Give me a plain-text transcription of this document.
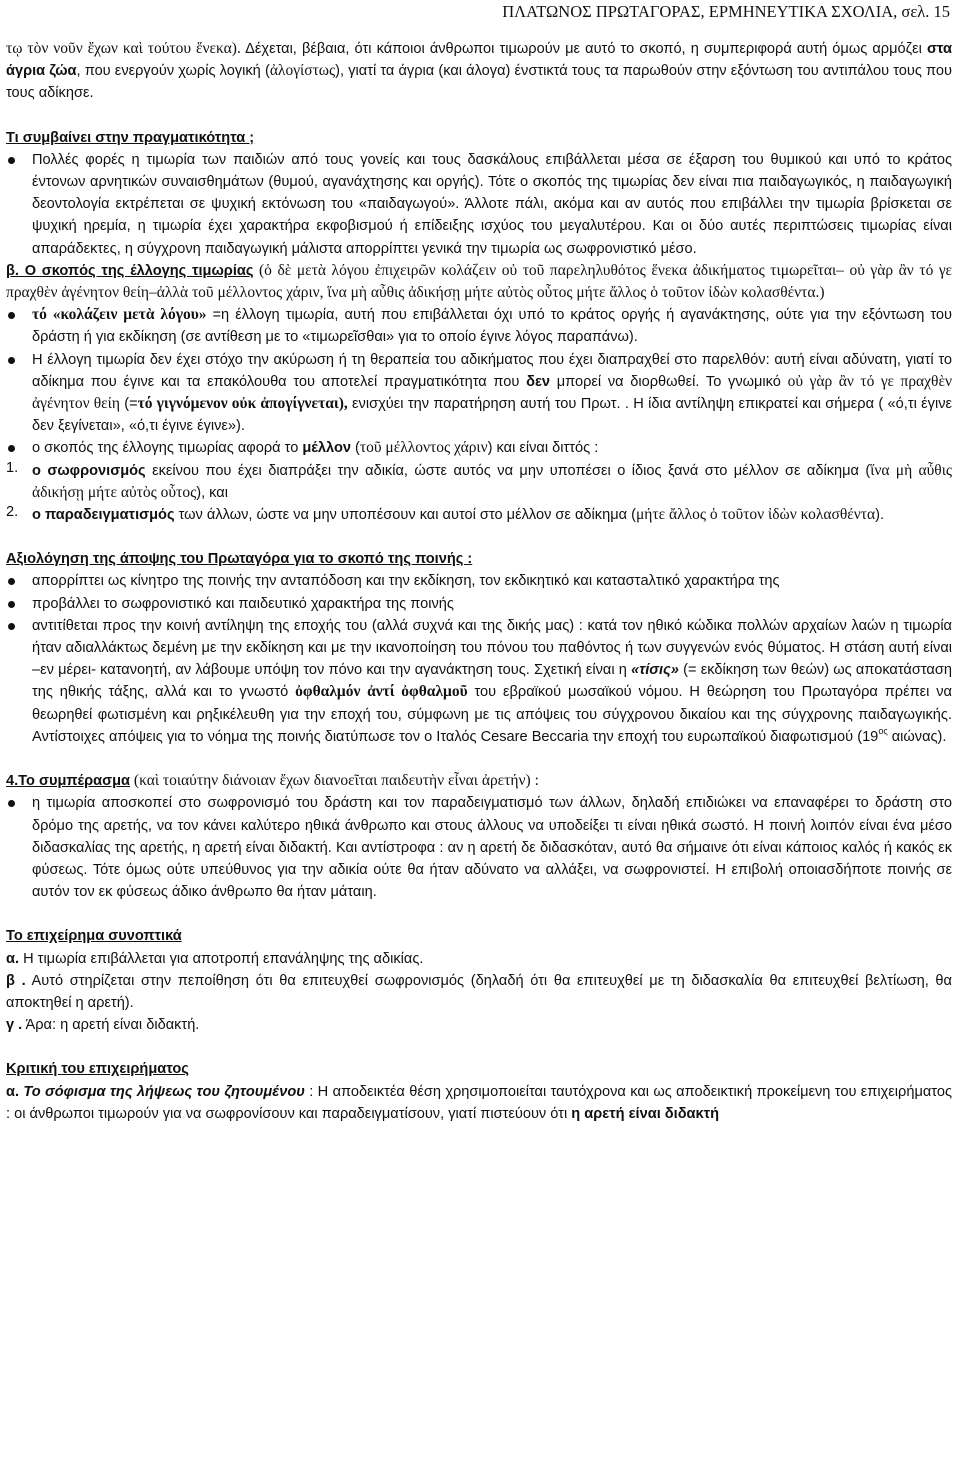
ΠΛΑΤΩΝΟΣ ΠΡΩΤΑΓΟΡΑΣ, ΕΡΜΗΝΕΥΤΙΚΑ ΣΧΟΛΙΑ, σελ. 15

τῳ τὸν νοῦν ἔχων καὶ τούτου ἕνεκα). Δέχεται, βέβαια, ότι κάποιοι άνθρωποι τιμωρούν με αυτό το σκοπό, η συμπεριφορά αυτή όμως αρμόζει στα άγρια ζώα, που ενεργούν χωρίς λογική (ἀλογίστως), γιατί τα άγρια (και άλογα) ένστικτά τους τα παρωθούν στην εξόντωση του αντιπάλου τους που τους αδίκησε.

Τι συμβαίνει στην πραγματικότητα ;

Πολλές φορές η τιμωρία των παιδιών από τους γονείς και τους δασκάλους επιβάλλεται μέσα σε έξαρση του θυμικού και υπό το κράτος έντονων αρνητικών συναισθημάτων (θυμού, αγανάχτησης και οργής). Τότε ο σκοπός της τιμωρίας δεν είναι πια παιδαγωγικός, η παιδαγωγική δεοντολογία εκτρέπεται σε ψυχική εκτόνωση του «παιδαγωγού». Άλλοτε πάλι, ακόμα και αν αυτός που επιβάλλει την τιμωρία βρίσκεται σε ψυχική ηρεμία, η τιμωρία έχει χαρακτήρα εκφοβισμού ή επίδειξης ισχύος του μεγαλυτέρου. Και οι δύο αυτές περιπτώσεις τιμωρίας είναι απαράδεκτες, η σύγχρονη παιδαγωγική μάλιστα απορρίπτει γενικά την τιμωρία ως σωφρονιστικό μέσο.

β. Ο σκοπός της έλλογης τιμωρίας (ὁ δὲ μετὰ λόγου ἐπιχειρῶν κολάζειν οὐ τοῦ παρεληλυθότος ἕνεκα ἀδικήματος τιμωρεῖται– οὐ γὰρ ἂν τό γε πραχθὲν ἀγένητον θείη–ἀλλὰ τοῦ μέλλοντος χάριν, ἵνα μὴ αὖθις ἀδικήσῃ μήτε αὐτὸς οὗτος μήτε ἄλλος ὁ τοῦτον ἰδὼν κολασθέντα.)

τό «κολάζειν μετὰ λόγου» =η έλλογη τιμωρία, αυτή που επιβάλλεται όχι υπό το κράτος οργής ή αγανάκτησης, ούτε για την εξόντωση του δράστη ή για εκδίκηση (σε αντίθεση με το «τιμωρεῖσθαι» για το οποίο έγινε λόγος παραπάνω).

Η έλλογη τιμωρία δεν έχει στόχο την ακύρωση ή τη θεραπεία του αδικήματος που έχει διαπραχθεί στο παρελθόν: αυτή είναι αδύνατη, γιατί το αδίκημα που έγινε και τα επακόλουθα του αποτελεί πραγματικότητα που δεν μπορεί να διορθωθεί. Το γνωμικό οὐ γὰρ ἂν τό γε πραχθὲν ἀγένητον θείη (=τό γιγνόμενον οὐκ ἀπογίγνεται), ενισχύει την παρατήρηση αυτή του Πρωτ. . Η ίδια αντίληψη επικρατεί και σήμερα ( «ό,τι έγινε δεν ξεγίνεται», «ό,τι έγινε έγινε»).

ο σκοπός της έλλογης τιμωρίας αφορά το μέλλον (τοῦ μέλλοντος χάριν) και είναι διττός :

1. ο σωφρονισμός εκείνου που έχει διαπράξει την αδικία, ώστε αυτός να μην υποπέσει ο ίδιος ξανά στο μέλλον σε αδίκημα (ἵνα μὴ αὖθις ἀδικήσῃ μήτε αὐτὸς οὗτος), και

2. ο παραδειγματισμός των άλλων, ώστε να μην υποπέσουν και αυτοί στο μέλλον σε αδίκημα (μήτε ἄλλος ὁ τοῦτον ἰδὼν κολασθέντα).

Αξιολόγηση της άποψης του Πρωταγόρα για το σκοπό της ποινής :

απορρίπτει ως κίνητρο της ποινής την ανταπόδοση και την εκδίκηση, τον εκδικητικό και καταστaλτικό χαρακτήρα της

προβάλλει το σωφρονιστικό και παιδευτικό χαρακτήρα της ποινής

αντιτίθεται προς την κοινή αντίληψη της εποχής του (αλλά συχνά και της δικής μας) : κατά τον ηθικό κώδικα πολλών αρχαίων λαών η τιμωρία ήταν αδιαλλάκτως δεμένη με την εκδίκηση και με την ικανοποίηση του πόνου του παθόντος ή των συγγενών ενός θύματος. Η στάση αυτή είναι –εν μέρει- κατανοητή, αν λάβουμε υπόψη τον πόνο και την αγανάκτηση τους. Σχετική είναι η «τίσις» (= εκδίκηση των θεών) ως αποκατάσταση της ηθικής τάξης, αλλά και το γνωστό ὀφθαλμόν ἀντί ὀφθαλμοῦ του εβραϊκού μωσαϊκού νόμου. Η θεώρηση του Πρωταγόρα πρέπει να θεωρηθεί φωτισμένη και ρηξικέλευθη για την εποχή του, σύμφωνη με τις απόψεις του σύγχρονου δικαίου και της σύγχρονης παιδαγωγικής. Αντίστοιχες απόψεις για το νόημα της ποινής διατύπωσε τον ο Ιταλός Cesare Beccaria την εποχή του ευρωπαϊκού διαφωτισμού ($19^{o\varsigma}$ αιώνας).

4.Το συμπέρασμα (καὶ τοιαύτην διάνοιαν ἔχων διανοεῖται παιδευτὴν εἶναι ἀρετήν) :

η τιμωρία αποσκοπεί στο σωφρονισμό του δράστη και τον παραδειγματισμό των άλλων, δηλαδή επιδιώκει να επαναφέρει το δράστη στο δρόμο της αρετής, να τον κάνει καλύτερο ηθικά άνθρωπο και στους άλλους να υποδείξει τι είναι ηθικά σωστό. Η ποινή λοιπόν είναι ένα μέσο διδασκαλίας της αρετής, η αρετή είναι διδακτή. Και αντίστροφα : αν η αρετή δε διδασκόταν, αυτό θα σήμαινε ότι είναι κάποιος καλός ή κακός εκ φύσεως. Τότε όμως ούτε υπεύθυνος για την αδικία ούτε θα ήταν αδύνατο να αλλάξει, να σωφρονιστεί. Η επιβολή οποιασδήποτε ποινής σε αυτόν τον εκ φύσεως άδικο άνθρωπο θα ήταν μάταιη.

Το επιχείρημα συνοπτικά

α. Η τιμωρία επιβάλλεται για αποτροπή επανάληψης της αδικίας.

β . Αυτό στηρίζεται στην πεποίθηση ότι θα επιτευχθεί σωφρονισμός (δηλαδή ότι θα επιτευχθεί με τη διδασκαλία θα επιτευχθεί βελτίωση, θα αποκτηθεί η αρετή).

γ . Άρα: η αρετή είναι διδακτή.

Κριτική του επιχειρήματος

α. Το σόφισμα της λήψεως του ζητουμένου : Η αποδεικτέα θέση χρησιμοποιείται ταυτόχρονα και ως αποδεικτική προκείμενη του επιχειρήματος : οι άνθρωποι τιμωρούν για να σωφρονίσουν και παραδειγματίσουν, γιατί πιστεύουν ότι η αρετή είναι διδακτή
